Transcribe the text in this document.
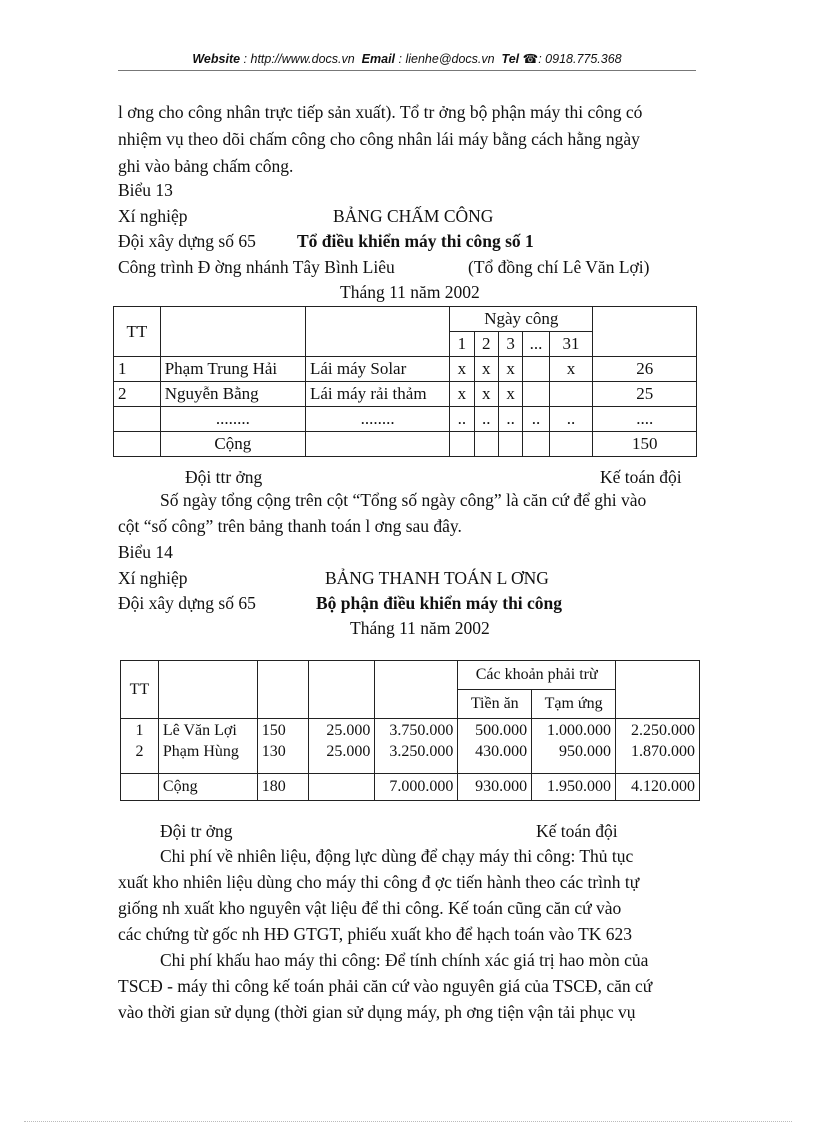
Website : http://www.docs.vn Email : lienhe@docs.vn Tel ☎: 0918.775.368
l ơng cho công nhân trực tiếp sản xuất). Tổ tr ởng bộ phận máy thi công có
nhiệm vụ theo dõi chấm công cho công nhân lái máy bằng cách hằng ngày
ghi vào bảng chấm công.
Biểu 13
Xí nghiệp	BẢNG CHẤM CÔNG
Đội xây dựng số 65 Tổ điều khiển máy thi công số 1
Công trình Đ ờng nhánh Tây Bình Liêu	(Tổ đồng chí Lê Văn Lợi)
Tháng 11 năm 2002
TT			Ngày công					
			1	2	3	...	31	
1	Phạm Trung Hải	Lái máy Solar	x	x	x		x	26
2	Nguyễn Bằng	Lái máy rải thảm	x	x	x			25
	........	........	..	..	..	..	..	....
	Cộng							150
Đội ttr ởng	Kế toán đội
Số ngày tổng cộng trên cột “Tổng số ngày công” là căn cứ để ghi vào
cột “số công” trên bảng thanh toán l ơng sau đây.
Biểu 14
Xí nghiệp	BẢNG THANH TOÁN L ƠNG
Đội xây dựng số 65	Bộ phận điều khiển máy thi công
Tháng 11 năm 2002
TT					Các khoản phải trừ		
					Tiền ăn	Tạm ứng	
1	Lê Văn Lợi	150	25.000	3.750.000	500.000	1.000.000	2.250.000
2	Phạm Hùng	130	25.000	3.250.000	430.000	950.000	1.870.000
	Cộng	180		7.000.000	930.000	1.950.000	4.120.000
Đội tr ởng	Kế toán đội
Chi phí về nhiên liệu, động lực dùng để chạy máy thi công: Thủ tục
xuất kho nhiên liệu dùng cho máy thi công đ ợc tiến hành theo các trình tự
giống nh xuất kho nguyên vật liệu để thi công. Kế toán cũng căn cứ vào
các chứng từ gốc nh HĐ GTGT, phiếu xuất kho để hạch toán vào TK 623
Chi phí khấu hao máy thi công: Để tính chính xác giá trị hao mòn của
TSCĐ - máy thi công kế toán phải căn cứ vào nguyên giá của TSCĐ, căn cứ
vào thời gian sử dụng (thời gian sử dụng máy, ph ơng tiện vận tải phục vụ
